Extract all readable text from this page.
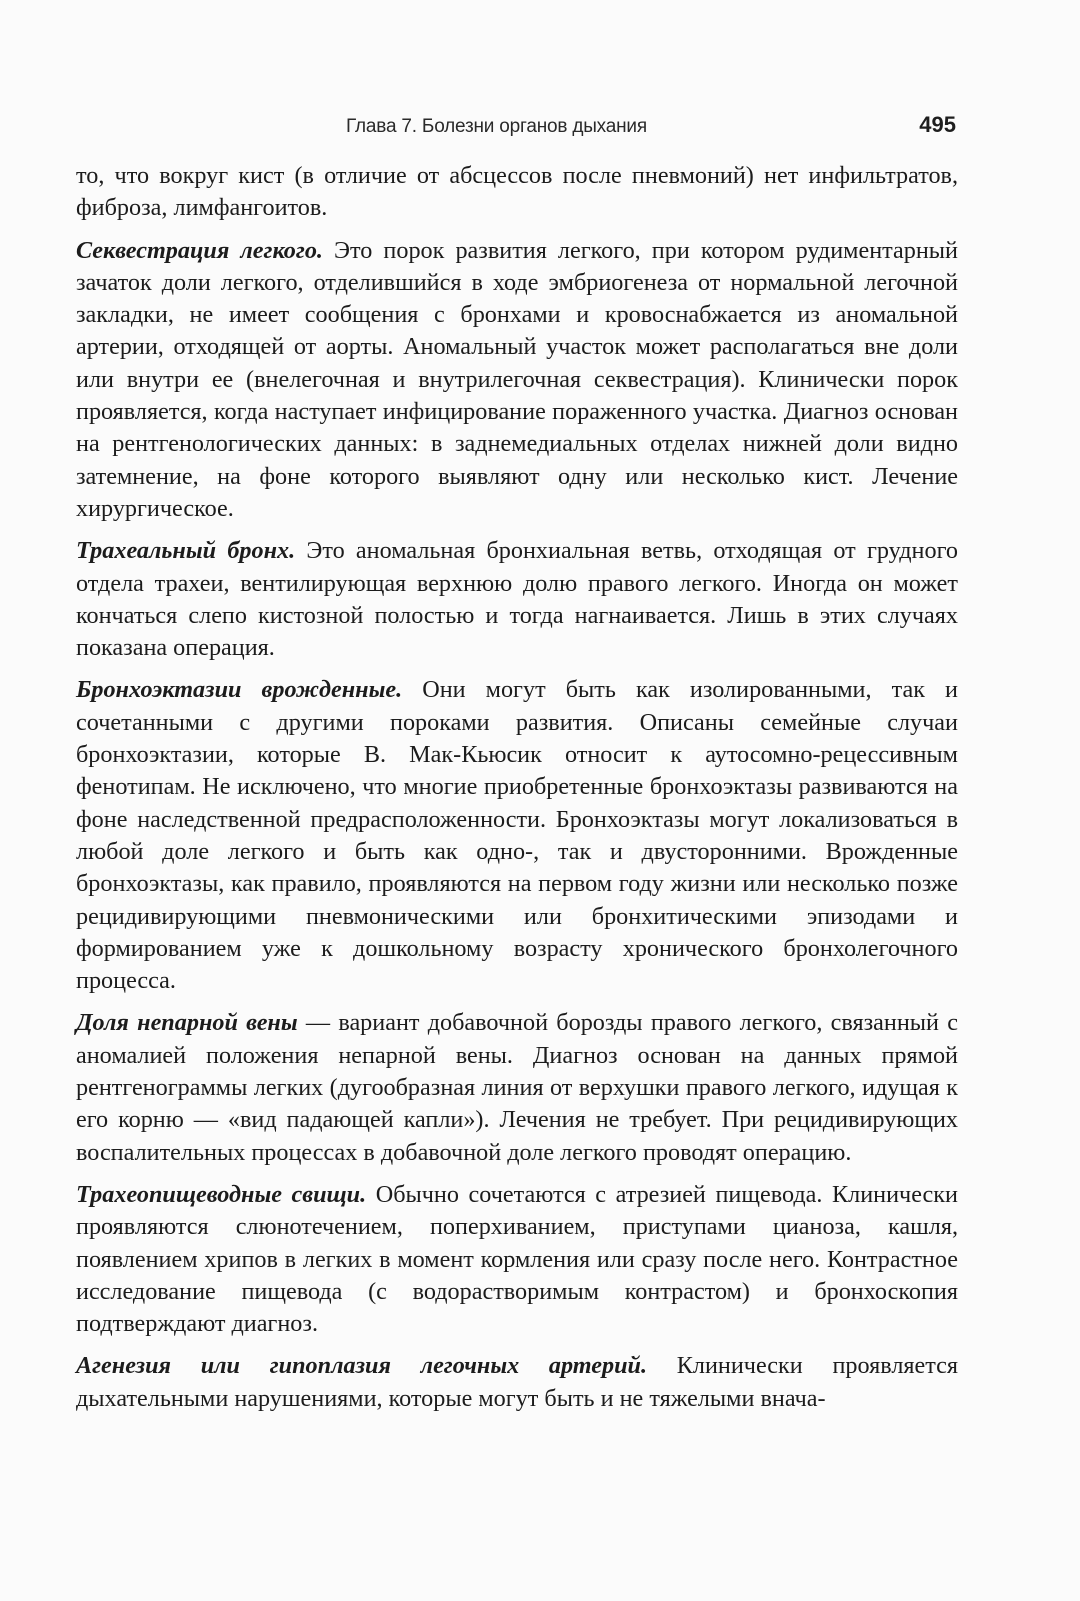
Глава 7. Болезни органов дыхания	495

то, что вокруг кист (в отличие от абсцессов после пневмоний) нет инфильтратов, фиброза, лимфангоитов.

Секвестрация легкого. Это порок развития легкого, при котором рудиментарный зачаток доли легкого, отделившийся в ходе эмбриогенеза от нормальной легочной закладки, не имеет сообщения с бронхами и кровоснабжается из аномальной артерии, отходящей от аорты. Аномальный участок может располагаться вне доли или внутри ее (внелегочная и внутрилегочная секвестрация). Клинически порок проявляется, когда наступает инфицирование пораженного участка. Диагноз основан на рентгенологических данных: в заднемедиальных отделах нижней доли видно затемнение, на фоне которого выявляют одну или несколько кист. Лечение хирургическое.

Трахеальный бронх. Это аномальная бронхиальная ветвь, отходящая от грудного отдела трахеи, вентилирующая верхнюю долю правого легкого. Иногда он может кончаться слепо кистозной полостью и тогда нагнаивается. Лишь в этих случаях показана операция.

Бронхоэктазии врожденные. Они могут быть как изолированными, так и сочетанными с другими пороками развития. Описаны семейные случаи бронхоэктазии, которые В. Мак-Кьюсик относит к аутосомно-рецессивным фенотипам. Не исключено, что многие приобретенные бронхоэктазы развиваются на фоне наследственной предрасположенности. Бронхоэктазы могут локализоваться в любой доле легкого и быть как одно-, так и двусторонними. Врожденные бронхоэктазы, как правило, проявляются на первом году жизни или несколько позже рецидивирующими пневмоническими или бронхитическими эпизодами и формированием уже к дошкольному возрасту хронического бронхолегочного процесса.

Доля непарной вены — вариант добавочной борозды правого легкого, связанный с аномалией положения непарной вены. Диагноз основан на данных прямой рентгенограммы легких (дугообразная линия от верхушки правого легкого, идущая к его корню — «вид падающей капли»). Лечения не требует. При рецидивирующих воспалительных процессах в добавочной доле легкого проводят операцию.

Трахеопищеводные свищи. Обычно сочетаются с атрезией пищевода. Клинически проявляются слюнотечением, поперхиванием, приступами цианоза, кашля, появлением хрипов в легких в момент кормления или сразу после него. Контрастное исследование пищевода (с водорастворимым контрастом) и бронхоскопия подтверждают диагноз.

Агенезия или гипоплазия легочных артерий. Клинически проявляется дыхательными нарушениями, которые могут быть и не тяжелыми внача-
